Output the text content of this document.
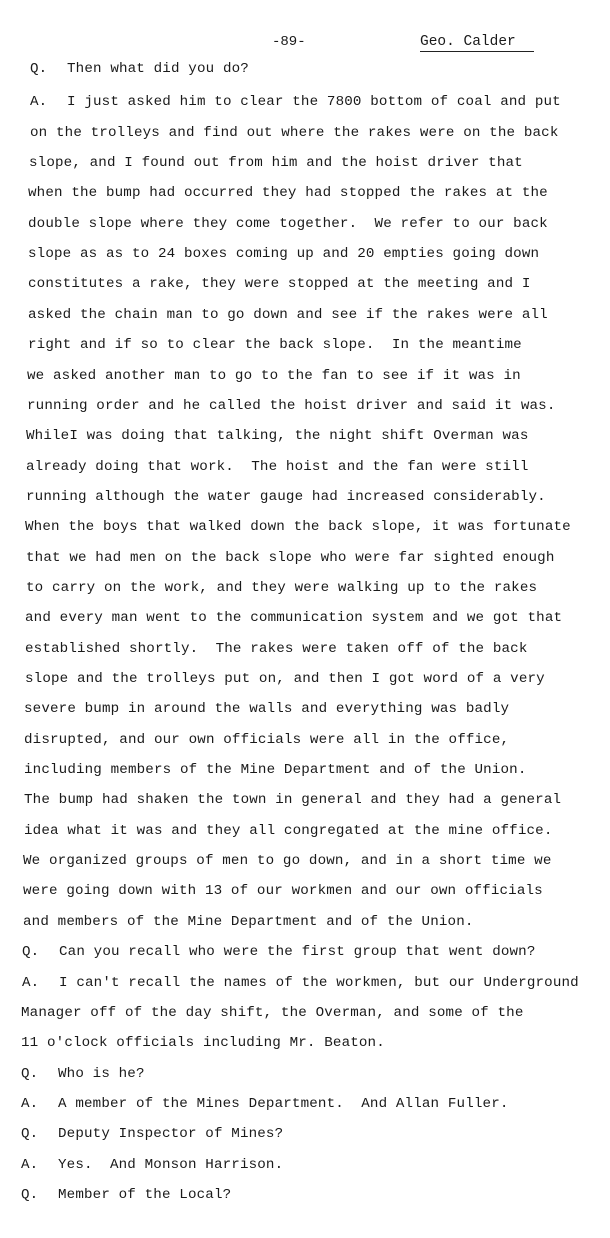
-89-	Geo. Calder
Q. Then what did you do?
A. I just asked him to clear the 7800 bottom of coal and put
on the trolleys and find out where the rakes were on the back
slope, and I found out from him and the hoist driver that
when the bump had occurred they had stopped the rakes at the
double slope where they come together.  We refer to our back
slope as as to 24 boxes coming up and 20 empties going down
constitutes a rake, they were stopped at the meeting and I
asked the chain man to go down and see if the rakes were all
right and if so to clear the back slope.  In the meantime
we asked another man to go to the fan to see if it was in
running order and he called the hoist driver and said it was.
WhileI was doing that talking, the night shift Overman was
already doing that work.  The hoist and the fan were still
running although the water gauge had increased considerably.
When the boys that walked down the back slope, it was fortunate
that we had men on the back slope who were far sighted enough
to carry on the work, and they were walking up to the rakes
and every man went to the communication system and we got that
established shortly.  The rakes were taken off of the back
slope and the trolleys put on, and then I got word of a very
severe bump in around the walls and everything was badly
disrupted, and our own officials were all in the office,
including members of the Mine Department and of the Union.
The bump had shaken the town in general and they had a general
idea what it was and they all congregated at the mine office.
We organized groups of men to go down, and in a short time we
were going down with 13 of our workmen and our own officials
and members of the Mine Department and of the Union.
Q. Can you recall who were the first group that went down?
A. I can't recall the names of the workmen, but our Underground
Manager off of the day shift, the Overman, and some of the
11 o'clock officials including Mr. Beaton.
Q. Who is he?
A. A member of the Mines Department.  And Allan Fuller.
Q. Deputy Inspector of Mines?
A. Yes.  And Monson Harrison.
Q. Member of the Local?
